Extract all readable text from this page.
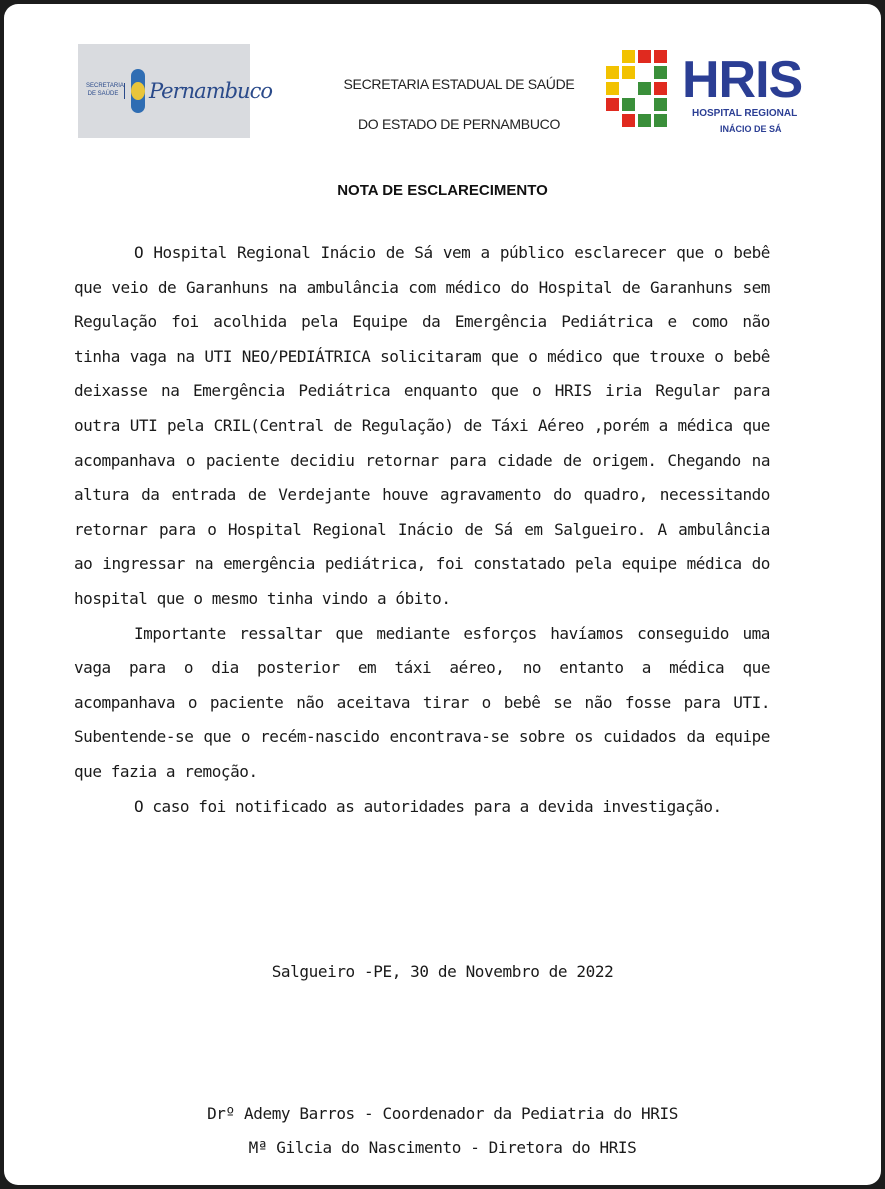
SECRETARIA DE SAÚDE	Pernambuco	SECRETARIA ESTADUAL DE SAÚDE
DO ESTADO DE PERNAMBUCO
HRIS
HOSPITAL REGIONAL
INÁCIO DE SÁ
NOTA DE ESCLARECIMENTO

O Hospital Regional Inácio de Sá vem a público esclarecer que o bebê que veio de Garanhuns na ambulância com médico do Hospital de Garanhuns sem Regulação foi acolhida pela Equipe da Emergência Pediátrica e como não tinha vaga na UTI NEO/PEDIÁTRICA solicitaram que o médico que trouxe o bebê deixasse na Emergência Pediátrica enquanto que o HRIS iria Regular para outra UTI pela CRIL(Central de Regulação) de Táxi Aéreo ,porém a médica que acompanhava o paciente decidiu retornar para cidade de origem. Chegando na altura da entrada de Verdejante houve agravamento do quadro, necessitando retornar para o Hospital Regional Inácio de Sá em Salgueiro. A ambulância ao ingressar na emergência pediátrica, foi constatado pela equipe médica do hospital que o mesmo tinha vindo a óbito.

Importante ressaltar que mediante esforços havíamos conseguido uma vaga para o dia posterior em táxi aéreo, no entanto a médica que acompanhava o paciente não aceitava tirar o bebê se não fosse para UTI. Subentende-se que o recém-nascido encontrava-se sobre os cuidados da equipe que fazia a remoção.

O caso foi notificado as autoridades para a devida investigação.

Salgueiro -PE, 30 de Novembro de 2022
Drº Ademy Barros - Coordenador da Pediatria do HRIS
Mª Gilcia do Nascimento - Diretora do HRIS
